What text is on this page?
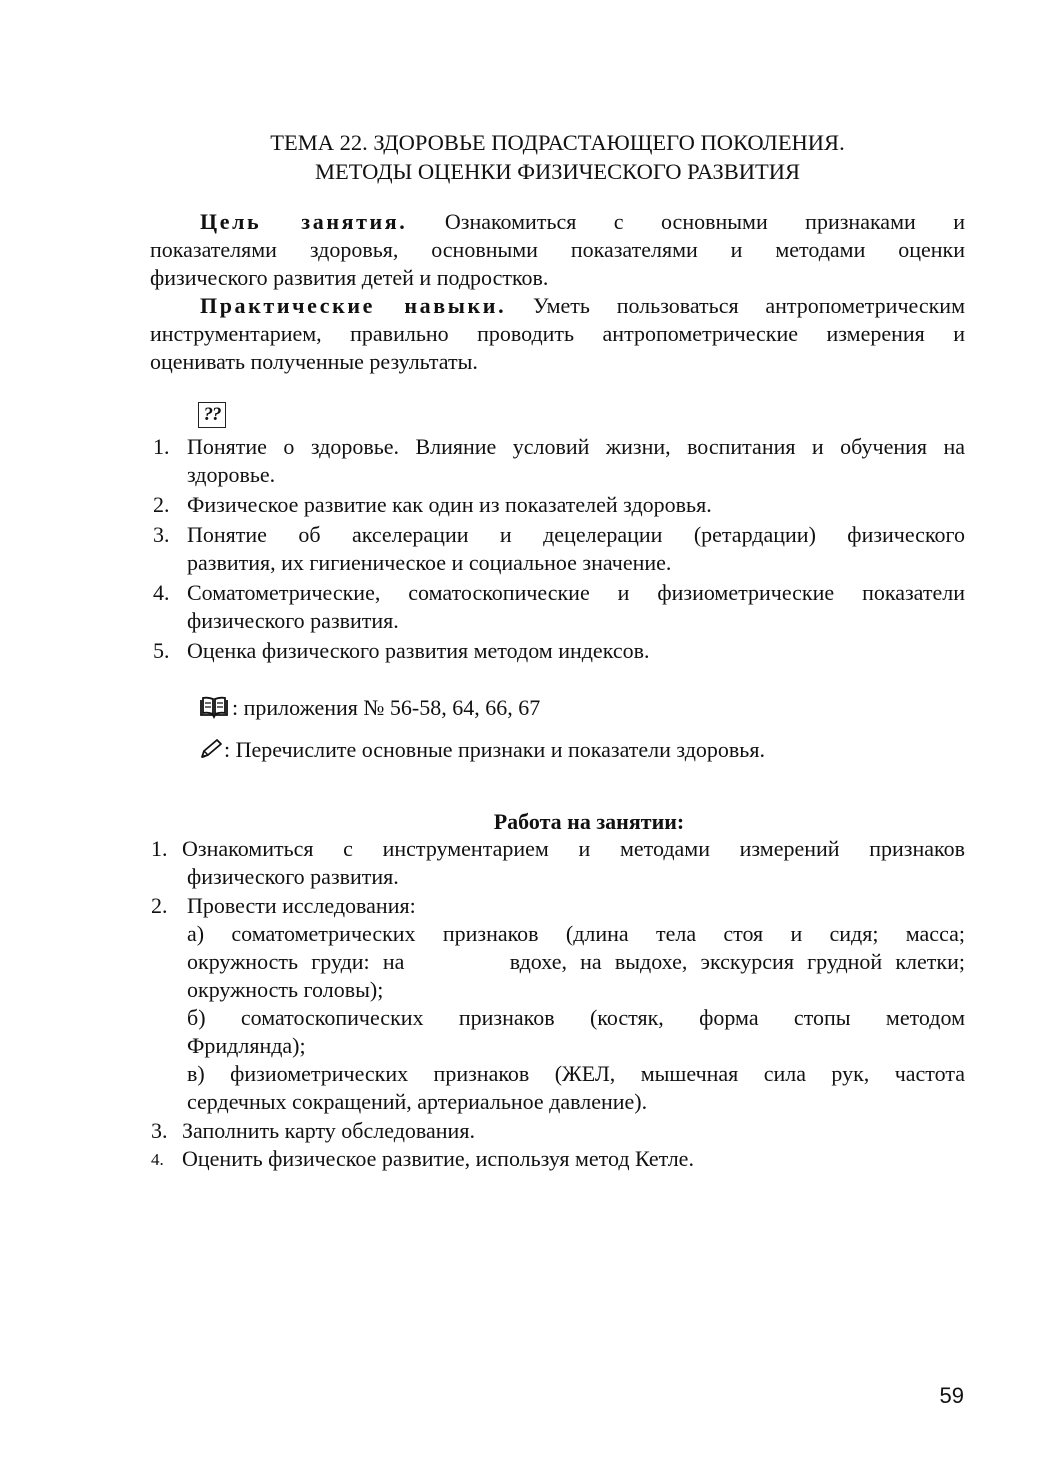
ТЕМА 22. ЗДОРОВЬЕ ПОДРАСТАЮЩЕГО ПОКОЛЕНИЯ.
МЕТОДЫ ОЦЕНКИ ФИЗИЧЕСКОГО РАЗВИТИЯ
Цель занятия. Ознакомиться с основными признаками и
показателями здоровья, основными показателями и методами оценки
физического развития детей и подростков.
Практические навыки. Уметь пользоваться антропометрическим
инструментарием, правильно проводить антропометрические измерения и
оценивать полученные результаты.
??
1. Понятие о здоровье. Влияние условий жизни, воспитания и обучения на
здоровье.
2. Физическое развитие как один из показателей здоровья.
3. Понятие об акселерации и децелерации (ретардации) физического
развития, их гигиеническое и социальное значение.
4. Соматометрические, соматоскопические и физиометрические показатели
физического развития.
5. Оценка физического развития методом индексов.
: приложения № 56-58, 64, 66, 67
: Перечислите основные признаки и показатели здоровья.
Работа на занятии:
1. Ознакомиться с инструментарием и методами измерений признаков
физического развития.
2. Провести исследования:
а) соматометрических признаков (длина тела стоя и сидя; масса;
окружность груди: на        вдохе, на выдохе, экскурсия грудной клетки;
окружность головы);
б) соматоскопических признаков (костяк, форма стопы методом
Фридлянда);
в) физиометрических признаков (ЖЕЛ, мышечная сила рук, частота
сердечных сокращений, артериальное давление).
3. Заполнить карту обследования.
4. Оценить физическое развитие, используя метод Кетле.
59
